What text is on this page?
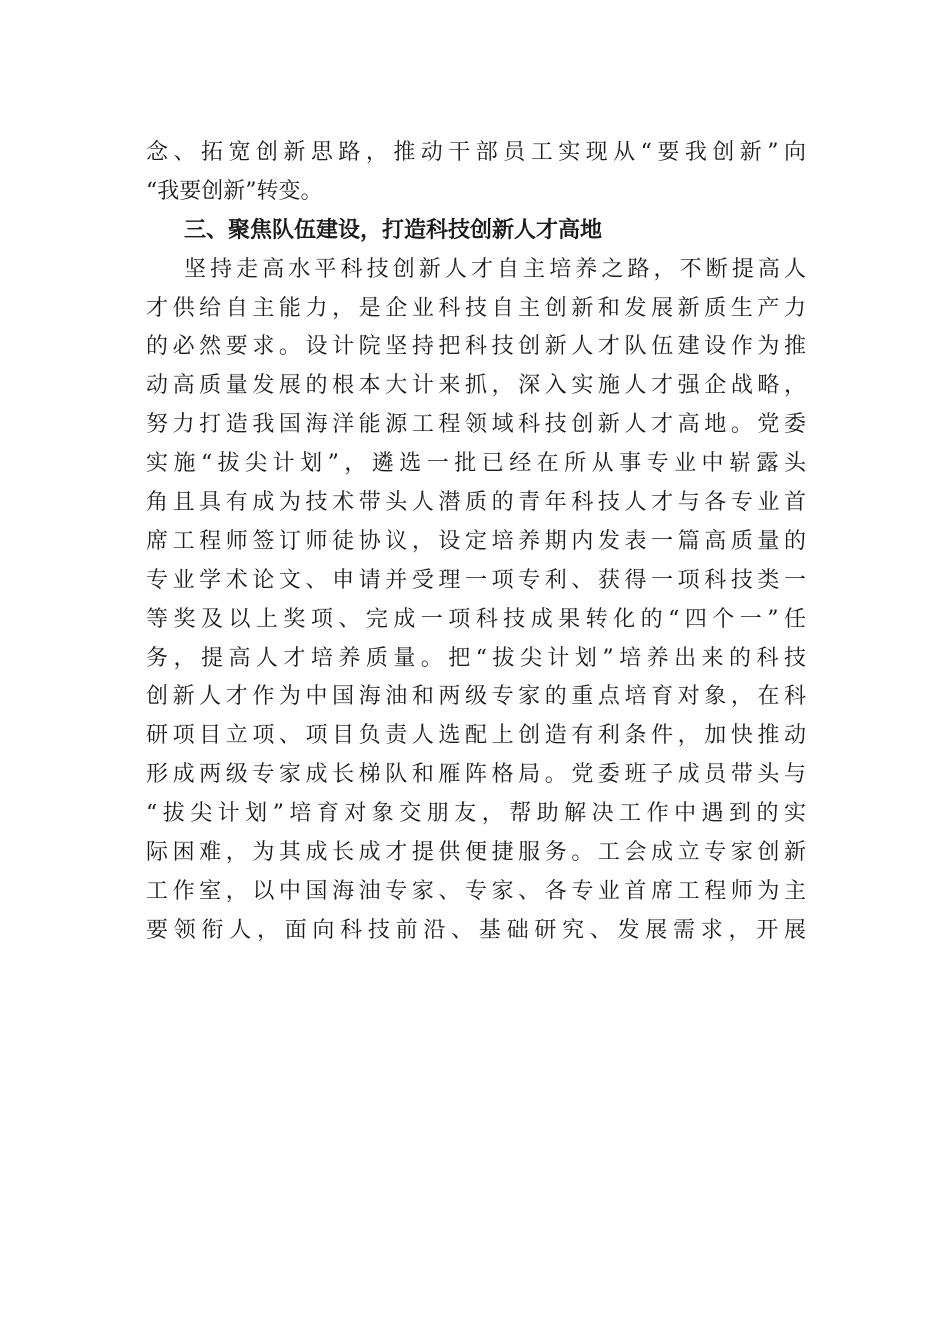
念、拓宽创新思路，推动干部员工实现从“要我创新”向
“我要创新”转变。
三、聚焦队伍建设，打造科技创新人才高地
坚持走高水平科技创新人才自主培养之路，不断提高人
才供给自主能力，是企业科技自主创新和发展新质生产力
的必然要求。设计院坚持把科技创新人才队伍建设作为推
动高质量发展的根本大计来抓，深入实施人才强企战略，
努力打造我国海洋能源工程领域科技创新人才高地。党委
实施“拔尖计划”，遴选一批已经在所从事专业中崭露头
角且具有成为技术带头人潜质的青年科技人才与各专业首
席工程师签订师徒协议，设定培养期内发表一篇高质量的
专业学术论文、申请并受理一项专利、获得一项科技类一
等奖及以上奖项、完成一项科技成果转化的“四个一”任
务，提高人才培养质量。把“拔尖计划”培养出来的科技
创新人才作为中国海油和两级专家的重点培育对象，在科
研项目立项、项目负责人选配上创造有利条件，加快推动
形成两级专家成长梯队和雁阵格局。党委班子成员带头与
“拔尖计划”培育对象交朋友，帮助解决工作中遇到的实
际困难，为其成长成才提供便捷服务。工会成立专家创新
工作室，以中国海油专家、专家、各专业首席工程师为主
要领衔人，面向科技前沿、基础研究、发展需求，开展
